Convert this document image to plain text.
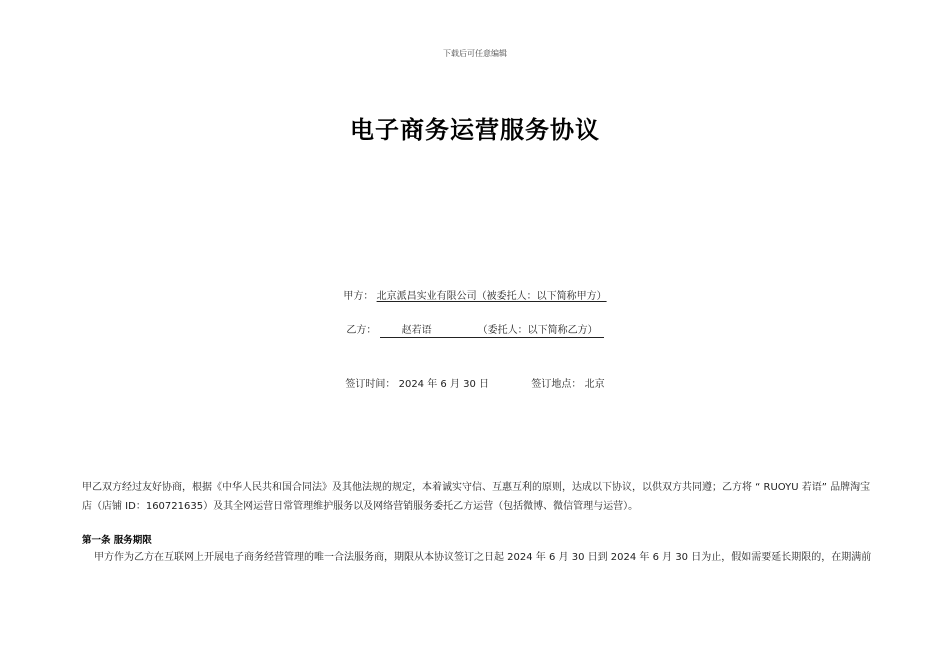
下载后可任意编辑
电子商务运营服务协议
甲方： 北京派昌实业有限公司（被委托人：以下简称甲方）
乙方：	赵若语	（委托人：以下简称乙方）
签订时间： 2024 年 6 月 30 日	签订地点： 北京
甲乙双方经过友好协商，根据《中华人民共和国合同法》及其他法规的规定，本着诚实守信、互惠互利的原则，达成以下协议，以供双方共同遵；乙方将 “ RUOYU 若语” 品牌淘宝店（店铺 ID：160721635）及其全网运营日常管理维护服务以及网络营销服务委托乙方运营（包括微博、微信管理与运营）。
第一条 服务期限
甲方作为乙方在互联网上开展电子商务经营管理的唯一合法服务商，期限从本协议签订之日起 2024 年 6 月 30 日到 2024 年 6 月 30 日为止，假如需要延长期限的，在期满前
